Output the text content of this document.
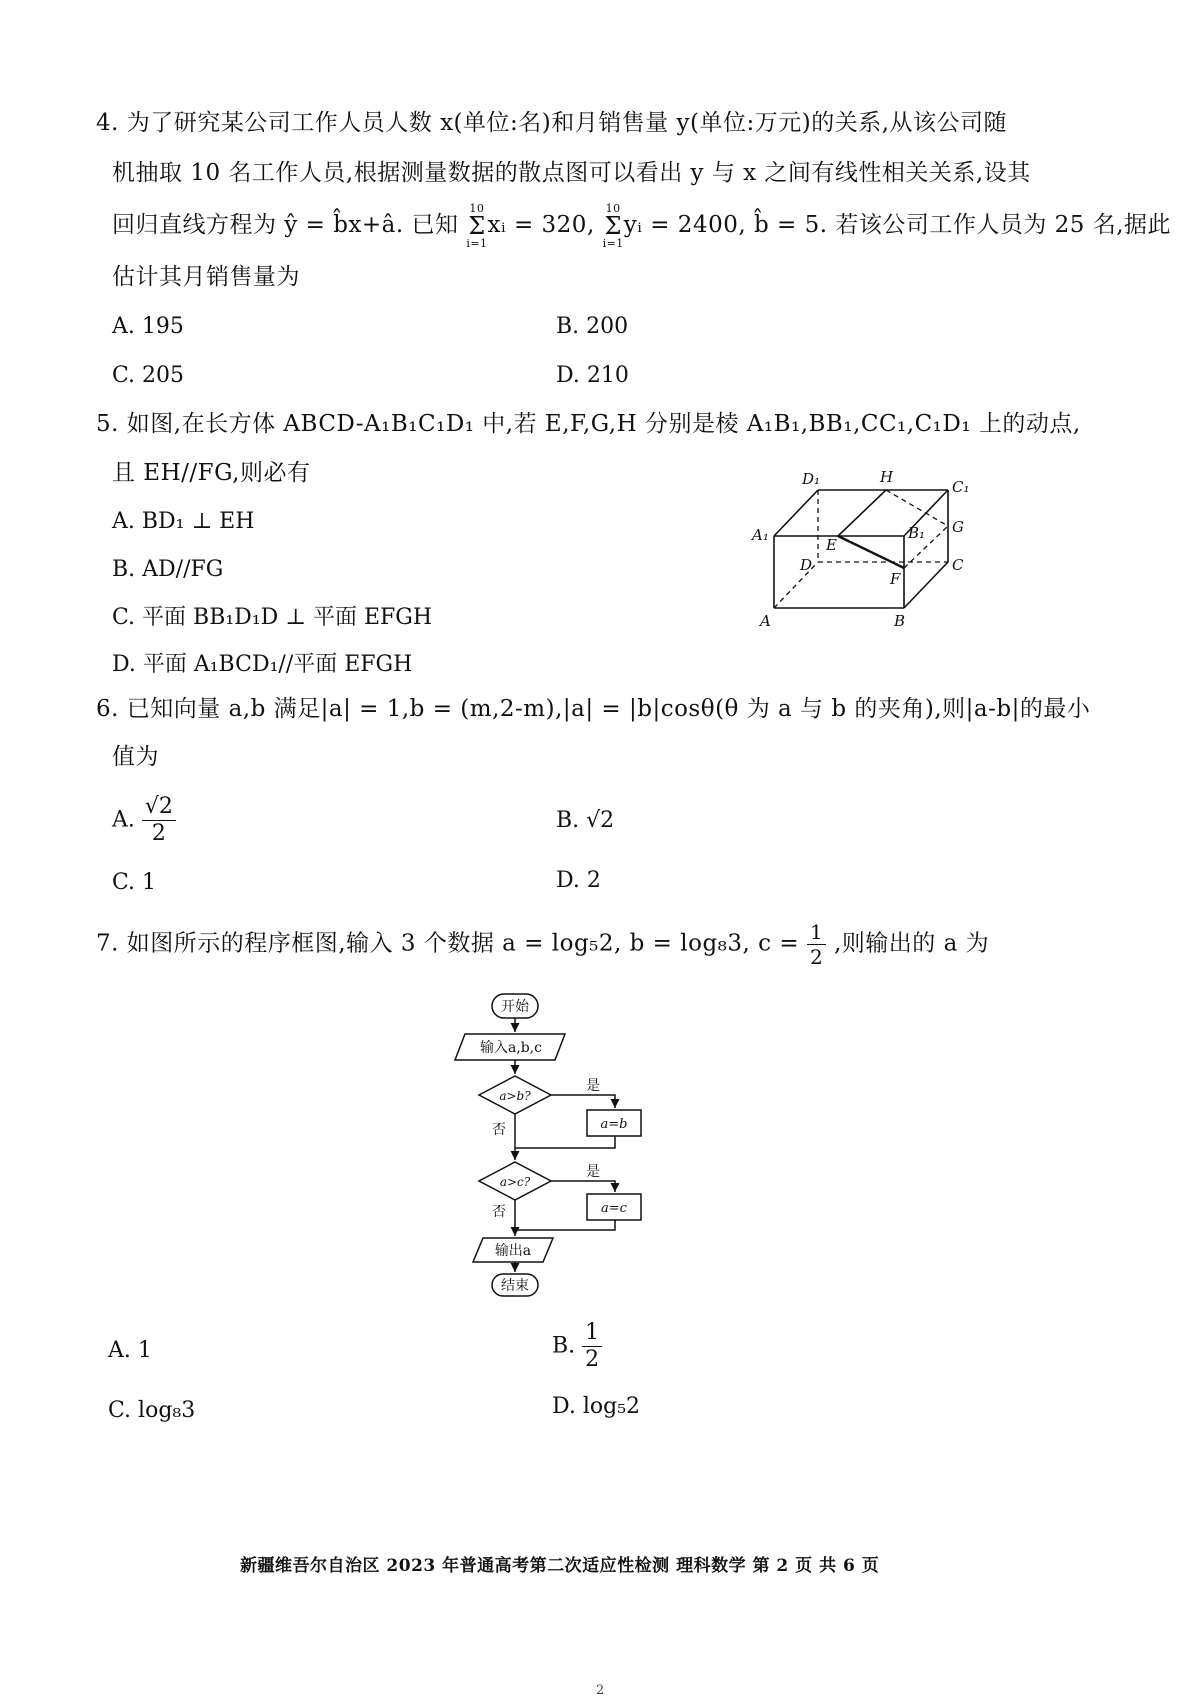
4. 为了研究某公司工作人员人数 x(单位:名)和月销售量 y(单位:万元)的关系,从该公司随
机抽取 10 名工作人员,根据测量数据的散点图可以看出 y 与 x 之间有线性相关关系,设其
回归直线方程为 ŷ = b̂x+â. 已知
10
Σ
i=1
xᵢ = 320,
10
Σ
i=1
yᵢ = 2400, b̂ = 5. 若该公司工作人员为 25 名,据此
估计其月销售量为
A. 195	B. 200
C. 205	D. 210
5. 如图,在长方体 ABCD-A₁B₁C₁D₁ 中,若 E,F,G,H 分别是棱 A₁B₁,BB₁,CC₁,C₁D₁ 上的动点,
且 EH//FG,则必有
A. BD₁ ⊥ EH
B. AD//FG
C. 平面 BB₁D₁D ⊥ 平面 EFGH
D. 平面 A₁BCD₁//平面 EFGH
D₁	H
C₁
A₁
E
B₁ G
D
F
C
A	B
6. 已知向量 a,b 满足|a| = 1,b = (m,2-m),|a| = |b|cosθ(θ 为 a 与 b 的夹角),则|a-b|的最小
值为
A. $\frac{√2}{2}$	B. √2
C. 1	D. 2
7. 如图所示的程序框图,输入 3 个数据 a = log₅2, b = log₈3, $c = \frac{1}{2}$ ,则输出的 a 为
开始
输入a,b,c
a>b?
a=b
是
否
a>c?
a=c
是
否
输出a
结束
A. 1	B. $\frac{1}{2}$
C. log₈3	D. log₅2
新疆维吾尔自治区 2023 年普通高考第二次适应性检测 理科数学 第 2 页 共 6 页
2
